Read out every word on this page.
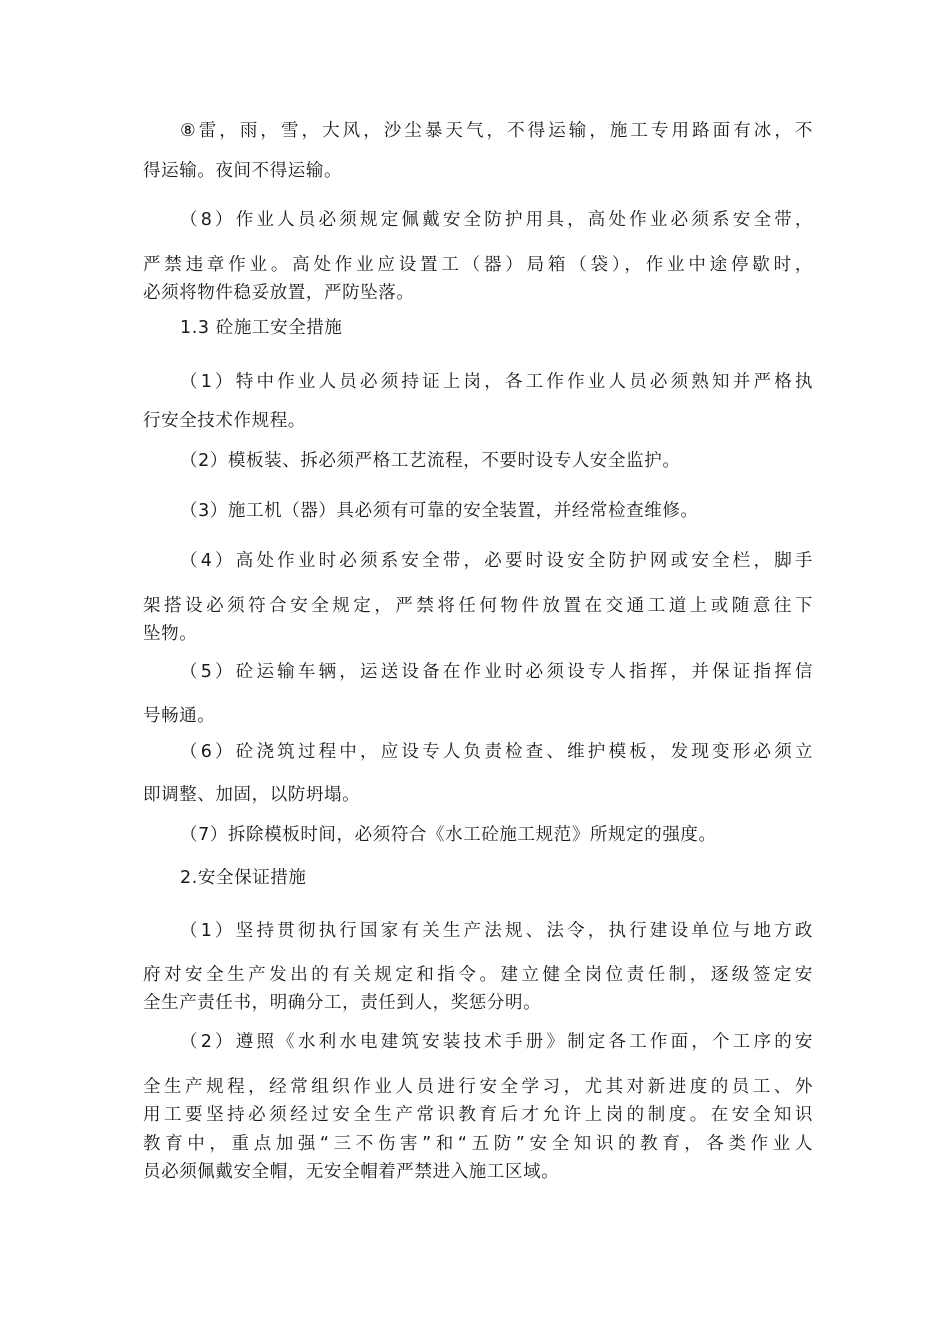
⑧雷，雨，雪，大风，沙尘暴天气，不得运输，施工专用路面有冰，不
得运输。夜间不得运输。
（8）作业人员必须规定佩戴安全防护用具，高处作业必须系安全带，
严禁违章作业。高处作业应设置工（器）局箱（袋），作业中途停歇时，
必须将物件稳妥放置，严防坠落。
1.3 砼施工安全措施
（1）特中作业人员必须持证上岗，各工作作业人员必须熟知并严格执
行安全技术作规程。
（2）模板装、拆必须严格工艺流程，不要时设专人安全监护。
（3）施工机（器）具必须有可靠的安全装置，并经常检查维修。
（4）高处作业时必须系安全带，必要时设安全防护网或安全栏，脚手
架搭设必须符合安全规定，严禁将任何物件放置在交通工道上或随意往下
坠物。
（5）砼运输车辆，运送设备在作业时必须设专人指挥，并保证指挥信
号畅通。
（6）砼浇筑过程中，应设专人负责检查、维护模板，发现变形必须立
即调整、加固，以防坍塌。
（7）拆除模板时间，必须符合《水工砼施工规范》所规定的强度。
2.安全保证措施
（1）坚持贯彻执行国家有关生产法规、法令，执行建设单位与地方政
府对安全生产发出的有关规定和指令。建立健全岗位责任制，逐级签定安
全生产责任书，明确分工，责任到人，奖惩分明。
（2）遵照《水利水电建筑安装技术手册》制定各工作面，个工序的安
全生产规程，经常组织作业人员进行安全学习，尤其对新进度的员工、外
用工要坚持必须经过安全生产常识教育后才允许上岗的制度。在安全知识
教育中，重点加强“三不伤害”和“五防”安全知识的教育，各类作业人
员必须佩戴安全帽，无安全帽着严禁进入施工区域。
